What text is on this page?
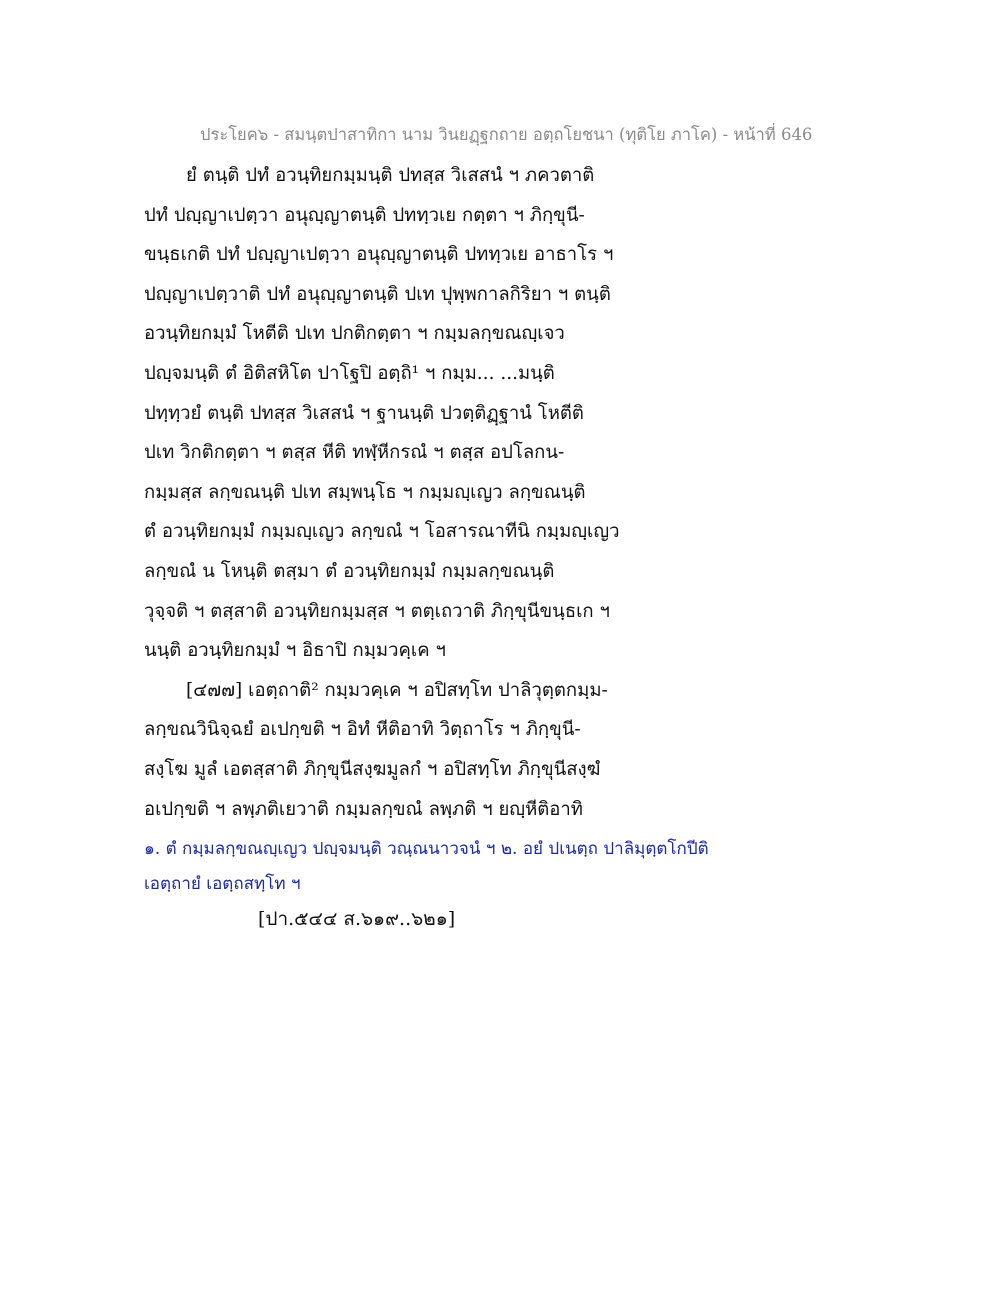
ประโยค๖ - สมนฺตปาสาทิกา นาม วินยฏฺฐกถาย อตฺถโยชนา (ทุติโย ภาโค) - หน้าที่ 646
ยํ ตนฺติ ปทํ อวนฺทิยกมฺมนฺติ ปทสฺส วิเสสนํ ฯ ภควตาติ
ปทํ ปญฺญาเปตฺวา อนุญฺญาตนฺติ ปททฺวเย กตฺตา ฯ ภิกฺขุนี-
ขนฺธเกติ ปทํ ปญฺญาเปตฺวา อนุญฺญาตนฺติ ปททฺวเย อาธาโร ฯ
ปญฺญาเปตฺวาติ ปทํ อนุญฺญาตนฺติ ปเท ปุพฺพกาลกิริยา ฯ ตนฺติ
อวนฺทิยกมฺมํ โหตีติ ปเท ปกติกตฺตา ฯ กมฺมลกฺขณญฺเจว
ปญฺจมนฺติ ตํ อิติสหิโต ปาโฐปิ อตฺถิ¹ ฯ กมฺม... ...มนฺติ
ปทฺทฺวยํ ตนฺติ ปทสฺส วิเสสนํ ฯ ฐานนฺติ ปวตฺติฏฺฐานํ โหตีติ
ปเท วิกติกตฺตา ฯ ตสฺส หีติ ทฬฺหีกรณํ ฯ ตสฺส อปโลกน-
กมฺมสฺส ลกฺขณนฺติ ปเท สมฺพนฺโธ ฯ กมฺมญฺเญว ลกฺขณนฺติ
ตํ อวนฺทิยกมฺมํ กมฺมญฺเญว ลกฺขณํ ฯ โอสารณาทีนิ กมฺมญฺเญว
ลกฺขณํ น โหนฺติ ตสฺมา ตํ อวนฺทิยกมฺมํ กมฺมลกฺขณนฺติ
วุจฺจติ ฯ ตสฺสาติ อวนฺทิยกมฺมสฺส ฯ ตตฺเถวาติ ภิกฺขุนีขนฺธเก ฯ
นนฺติ อวนฺทิยกมฺมํ ฯ อิธาปิ กมฺมวคฺเค ฯ
[๔๗๗] เอตฺถาติ² กมฺมวคฺเค ฯ อปิสทฺโท ปาลิวุตฺตกมฺม-
ลกฺขณวินิจฺฉยํ อเปกฺขติ ฯ อิทํ หีติอาทิ วิตฺถาโร ฯ ภิกฺขุนี-
สงฺโฆ มูลํ เอตสฺสาติ ภิกฺขุนีสงฺฆมูลกํ ฯ อปิสทฺโท ภิกฺขุนีสงฺฆํ
อเปกฺขติ ฯ ลพฺภติเยวาติ กมฺมลกฺขณํ ลพฺภติ ฯ ยญฺหีติอาทิ
๑. ตํ กมฺมลกฺขณญฺเญว ปญฺจมนฺติ วณฺณนาวจนํ ฯ ๒. อยํ ปเนตฺถ ปาลิมุตฺตโกปีติ
เอตฺถายํ เอตฺถสทฺโท ฯ
[ปา.๕๔๔ ส.๖๑๙..๖๒๑]
